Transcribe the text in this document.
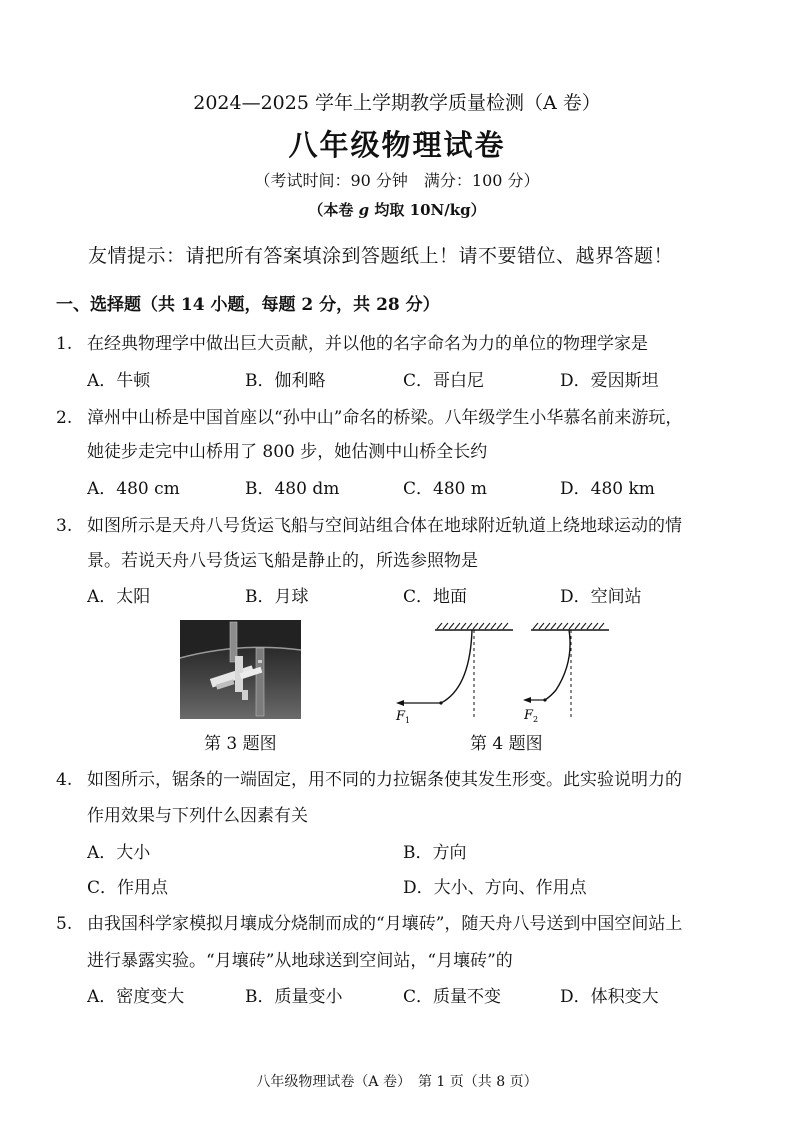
2024—2025 学年上学期教学质量检测（A 卷）
八年级物理试卷
（考试时间：90 分钟　满分：100 分）
（本卷 g 均取 10N/kg）
友情提示：请把所有答案填涂到答题纸上！请不要错位、越界答题！
一、选择题（共 14 小题，每题 2 分，共 28 分）
1. 在经典物理学中做出巨大贡献，并以他的名字命名为力的单位的物理学家是
A．牛顿	B．伽利略	C．哥白尼	D．爱因斯坦
2. 漳州中山桥是中国首座以“孙中山”命名的桥梁。八年级学生小华慕名前来游玩，
她徒步走完中山桥用了 800 步，她估测中山桥全长约
A．480 cm	B．480 dm	C．480 m	D．480 km
3. 如图所示是天舟八号货运飞船与空间站组合体在地球附近轨道上绕地球运动的情
景。若说天舟八号货运飞船是静止的，所选参照物是
A．太阳	B．月球	C．地面	D．空间站
第 3 题图
F 1	F 2
第 4 题图
4. 如图所示，锯条的一端固定，用不同的力拉锯条使其发生形变。此实验说明力的
作用效果与下列什么因素有关
A．大小	B．方向
C．作用点	D．大小、方向、作用点
5. 由我国科学家模拟月壤成分烧制而成的“月壤砖”，随天舟八号送到中国空间站上
进行暴露实验。“月壤砖”从地球送到空间站，“月壤砖”的
A．密度变大	B．质量变小	C．质量不变	D．体积变大
八年级物理试卷（A 卷）　第 1 页（共 8 页）
